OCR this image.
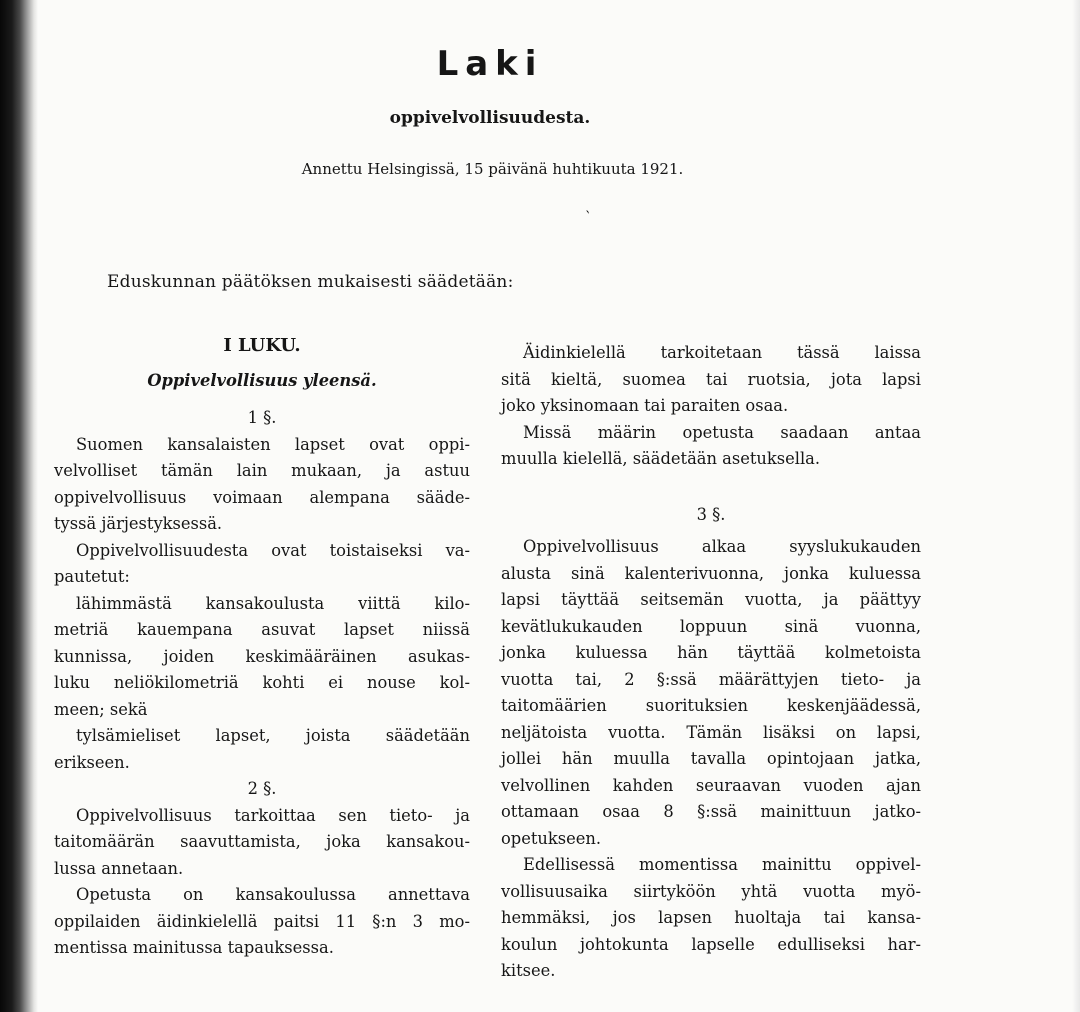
Laki
oppivelvollisuudesta.
Annettu Helsingissä, 15 päivänä huhtikuuta 1921.
ˏ
Eduskunnan päätöksen mukaisesti säädetään:

I LUKU.

Oppivelvollisuus yleensä.

1 §.

Suomen kansalaisten lapset ovat oppi-

velvolliset tämän lain mukaan, ja astuu

oppivelvollisuus voimaan alempana sääde-

tyssä järjestyksessä.

Oppivelvollisuudesta ovat toistaiseksi va-

pautetut:

lähimmästä kansakoulusta viittä kilo-

metriä kauempana asuvat lapset niissä

kunnissa, joiden keskimääräinen asukas-

luku neliökilometriä kohti ei nouse kol-

meen; sekä

tylsämieliset lapset, joista säädetään

erikseen.

2 §.

Oppivelvollisuus tarkoittaa sen tieto- ja

taitomäärän saavuttamista, joka kansakou-

lussa annetaan.

Opetusta on kansakoulussa annettava

oppilaiden äidinkielellä paitsi 11 §:n 3 mo-

mentissa mainitussa tapauksessa.

Äidinkielellä tarkoitetaan tässä laissa

sitä kieltä, suomea tai ruotsia, jota lapsi

joko yksinomaan tai paraiten osaa.

Missä määrin opetusta saadaan antaa

muulla kielellä, säädetään asetuksella.

3 §.

Oppivelvollisuus alkaa syyslukukauden

alusta sinä kalenterivuonna, jonka kuluessa

lapsi täyttää seitsemän vuotta, ja päättyy

kevätlukukauden loppuun sinä vuonna,

jonka kuluessa hän täyttää kolmetoista

vuotta tai, 2 §:ssä määrättyjen tieto- ja

taitomäärien suorituksien keskenjäädessä,

neljätoista vuotta. Tämän lisäksi on lapsi,

jollei hän muulla tavalla opintojaan jatka,

velvollinen kahden seuraavan vuoden ajan

ottamaan osaa 8 §:ssä mainittuun jatko-

opetukseen.

Edellisessä momentissa mainittu oppivel-

vollisuusaika siirtyköön yhtä vuotta myö-

hemmäksi, jos lapsen huoltaja tai kansa-

koulun johtokunta lapselle edulliseksi har-

kitsee.
